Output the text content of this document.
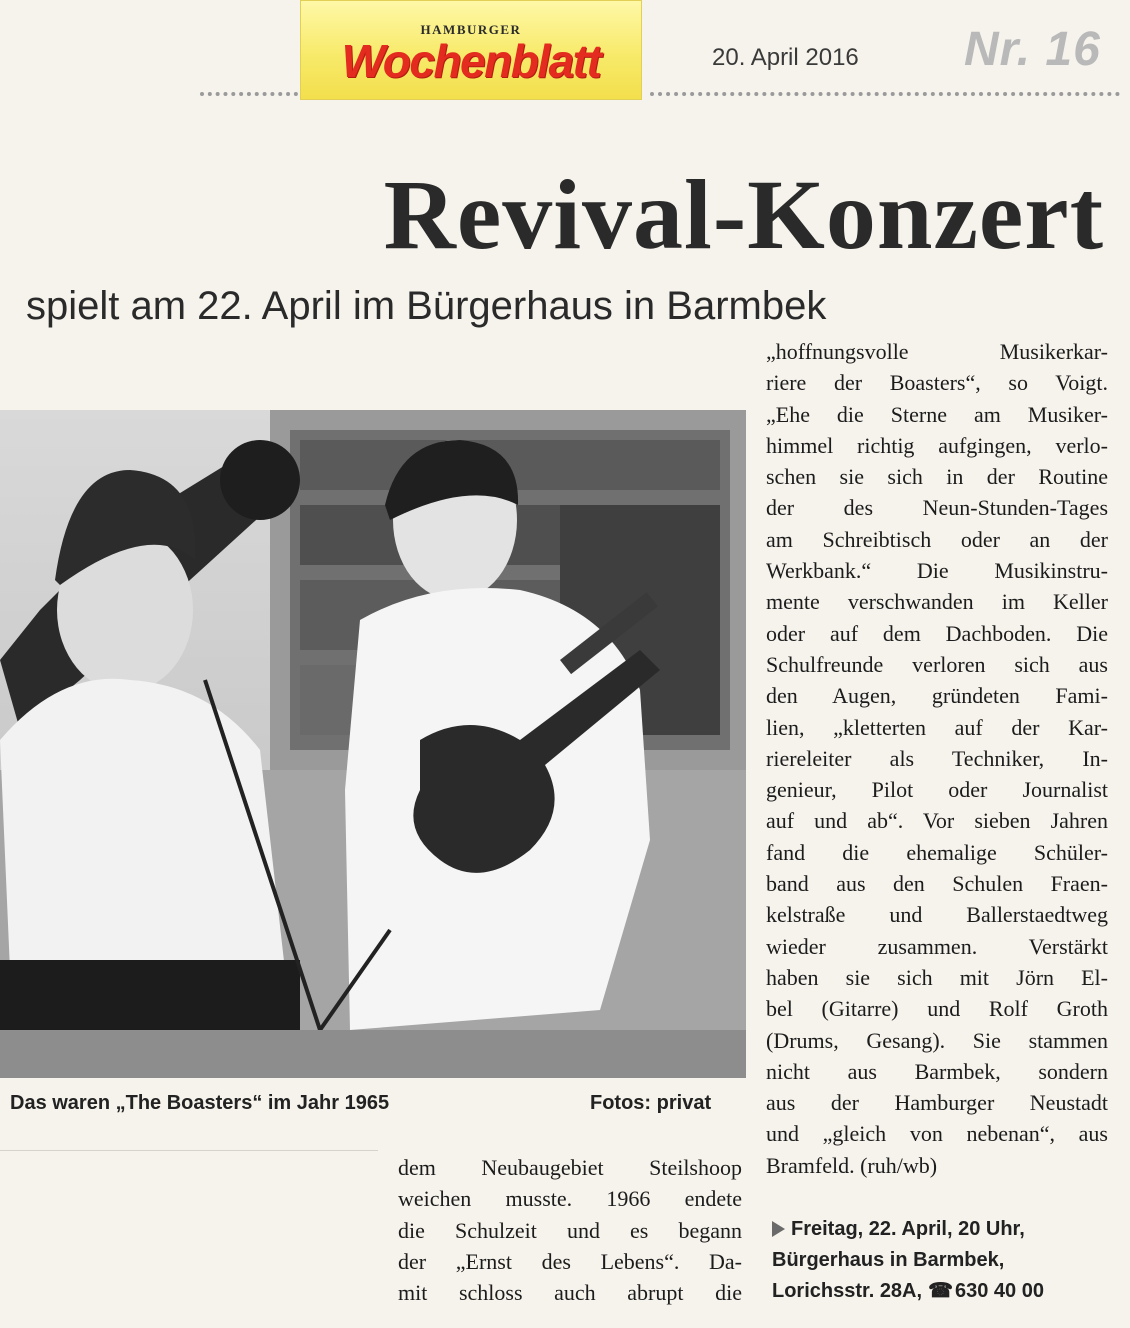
HAMBURGER
Wochenblatt	20. April 2016 Nr. 16
Revival-Konzert
spielt am 22. April im Bürgerhaus in Barmbek
Das waren „The Boasters“ im Jahr 1965	Fotos: privat
„hoffnungsvolle Musikerkar-
riere der Boasters“, so Voigt.
„Ehe die Sterne am Musiker-
himmel richtig aufgingen, verlo-
schen sie sich in der Routine
der des Neun-Stunden-Tages
am Schreibtisch oder an der
Werkbank.“ Die Musikinstru-
mente verschwanden im Keller
oder auf dem Dachboden. Die
Schulfreunde verloren sich aus
den Augen, gründeten Fami-
lien, „kletterten auf der Kar-
riereleiter als Techniker, In-
genieur, Pilot oder Journalist
auf und ab“. Vor sieben Jahren
fand die ehemalige Schüler-
band aus den Schulen Fraen-
kelstraße und Ballerstaedtweg
wieder zusammen. Verstärkt
haben sie sich mit Jörn El-
bel (Gitarre) und Rolf Groth
(Drums, Gesang). Sie stammen
nicht aus Barmbek, sondern
aus der Hamburger Neustadt
und „gleich von nebenan“, aus
Bramfeld. (ruh/wb)
Freitag, 22. April, 20 Uhr,
Bürgerhaus in Barmbek,
Lorichsstr. 28A, ☎ 630 40 00
dem Neubaugebiet Steilshoop
weichen musste. 1966 endete
die Schulzeit und es begann
der „Ernst des Lebens“. Da-
mit schloss auch abrupt die
